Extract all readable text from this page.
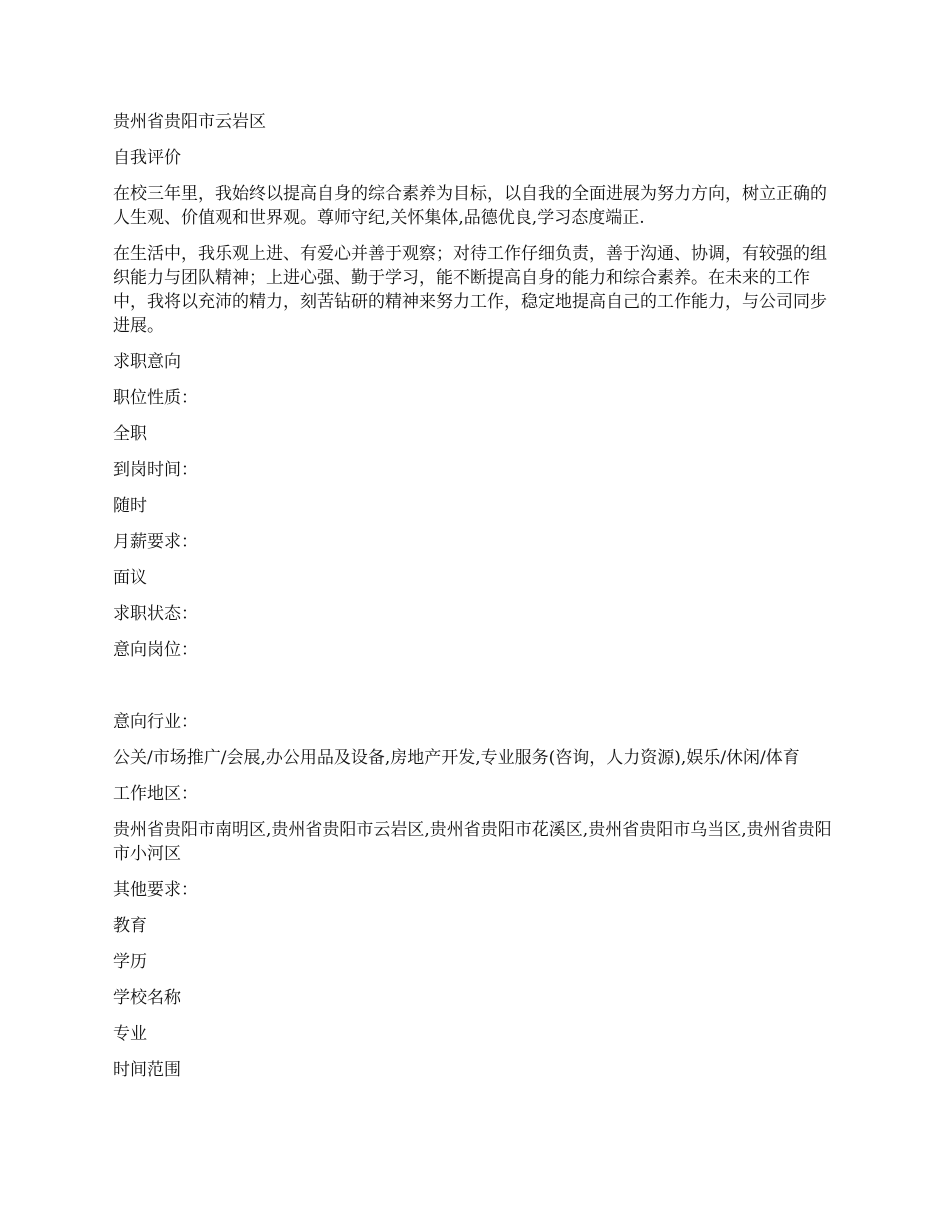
贵州省贵阳市云岩区

自我评价

在校三年里，我始终以提高自身的综合素养为目标，以自我的全面进展为努力方向，树立正确的人生观、价值观和世界观。尊师守纪,关怀集体,品德优良,学习态度端正.

在生活中，我乐观上进、有爱心并善于观察；对待工作仔细负责，善于沟通、协调，有较强的组织能力与团队精神；上进心强、勤于学习，能不断提高自身的能力和综合素养。在未来的工作中，我将以充沛的精力，刻苦钻研的精神来努力工作，稳定地提高自己的工作能力，与公司同步进展。

求职意向

职位性质：

全职

到岗时间：

随时

月薪要求：

面议

求职状态：

意向岗位：

意向行业：

公关/市场推广/会展,办公用品及设备,房地产开发,专业服务(咨询，人力资源),娱乐/休闲/体育

工作地区：

贵州省贵阳市南明区,贵州省贵阳市云岩区,贵州省贵阳市花溪区,贵州省贵阳市乌当区,贵州省贵阳市小河区

其他要求：

教育

学历

学校名称

专业

时间范围
